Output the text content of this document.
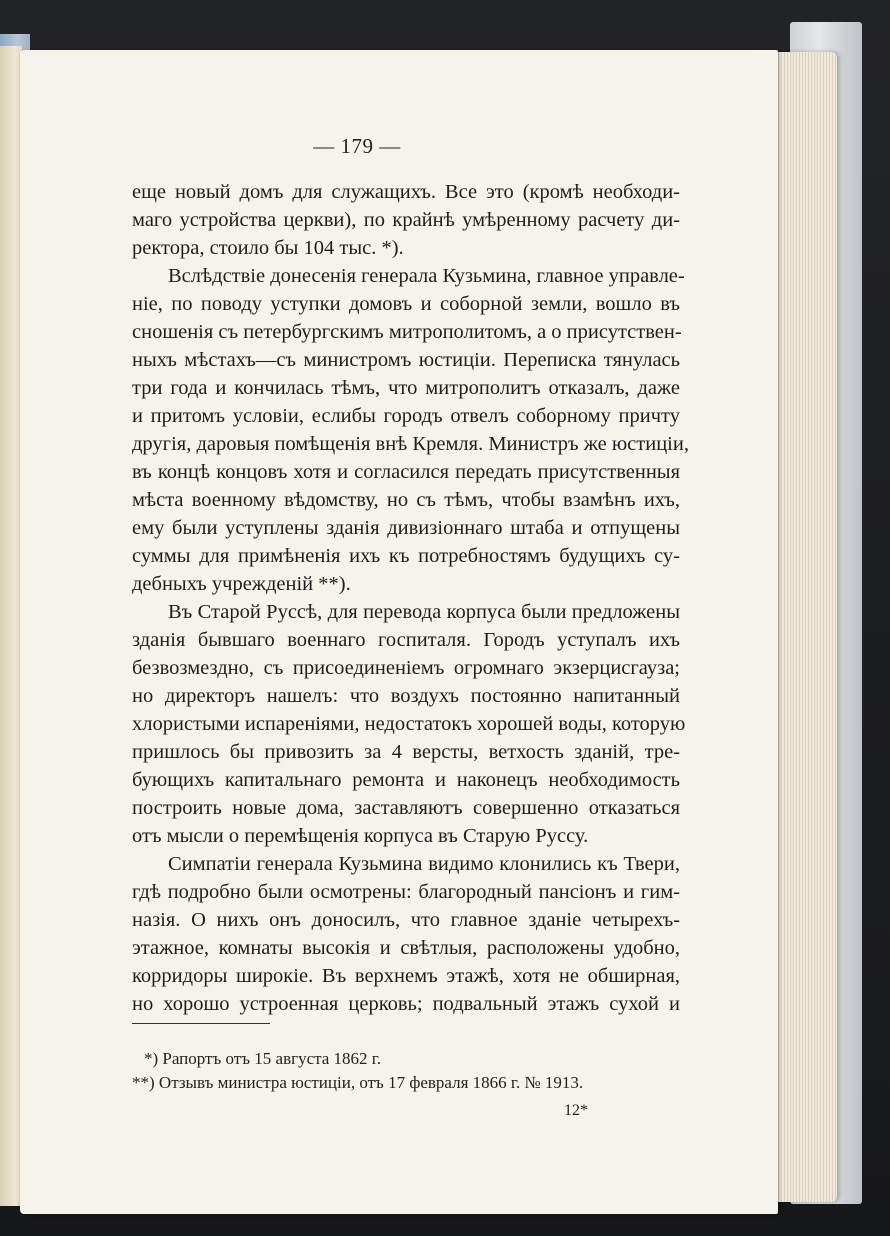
— 179 —
еще новый домъ для служащихъ. Все это (кромѣ необходи-
маго устройства церкви), по крайнѣ умѣренному расчету ди-
ректора, стоило бы 104 тыс. *).
Вслѣдствіе донесенія генерала Кузьмина, главное управле-
ніе, по поводу уступки домовъ и соборной земли, вошло въ
сношенія съ петербургскимъ митрополитомъ, а о присутствен-
ныхъ мѣстахъ—съ министромъ юстиціи. Переписка тянулась
три года и кончилась тѣмъ, что митрополитъ отказалъ, даже
и притомъ условіи, еслибы городъ отвелъ соборному причту
другія, даровыя помѣщенія внѣ Кремля. Министръ же юстиціи,
въ концѣ концовъ хотя и согласился передать присутственныя
мѣста военному вѣдомству, но съ тѣмъ, чтобы взамѣнъ ихъ,
ему были уступлены зданія дивизіоннаго штаба и отпущены
суммы для примѣненія ихъ къ потребностямъ будущихъ су-
дебныхъ учрежденій **).
Въ Старой Руссѣ, для перевода корпуса были предложены
зданія бывшаго военнаго госпиталя. Городъ уступалъ ихъ
безвозмездно, съ присоединеніемъ огромнаго экзерцисгауза;
но директоръ нашелъ: что воздухъ постоянно напитанный
хлористыми испареніями, недостатокъ хорошей воды, которую
пришлось бы привозить за 4 версты, ветхость зданій, тре-
бующихъ капитальнаго ремонта и наконецъ необходимость
построить новые дома, заставляютъ совершенно отказаться
отъ мысли о перемѣщенія корпуса въ Старую Руссу.
Симпатіи генерала Кузьмина видимо клонились къ Твери,
гдѣ подробно были осмотрены: благородный пансіонъ и гим-
назія. О нихъ онъ доносилъ, что главное зданіе четырехъ-
этажное, комнаты высокія и свѣтлыя, расположены удобно,
корридоры широкіе. Въ верхнемъ этажѣ, хотя не обширная,
но хорошо устроенная церковь; подвальный этажъ сухой и
*) Рапортъ отъ 15 августа 1862 г.
**) Отзывъ министра юстиціи, отъ 17 февраля 1866 г. № 1913.
12*
